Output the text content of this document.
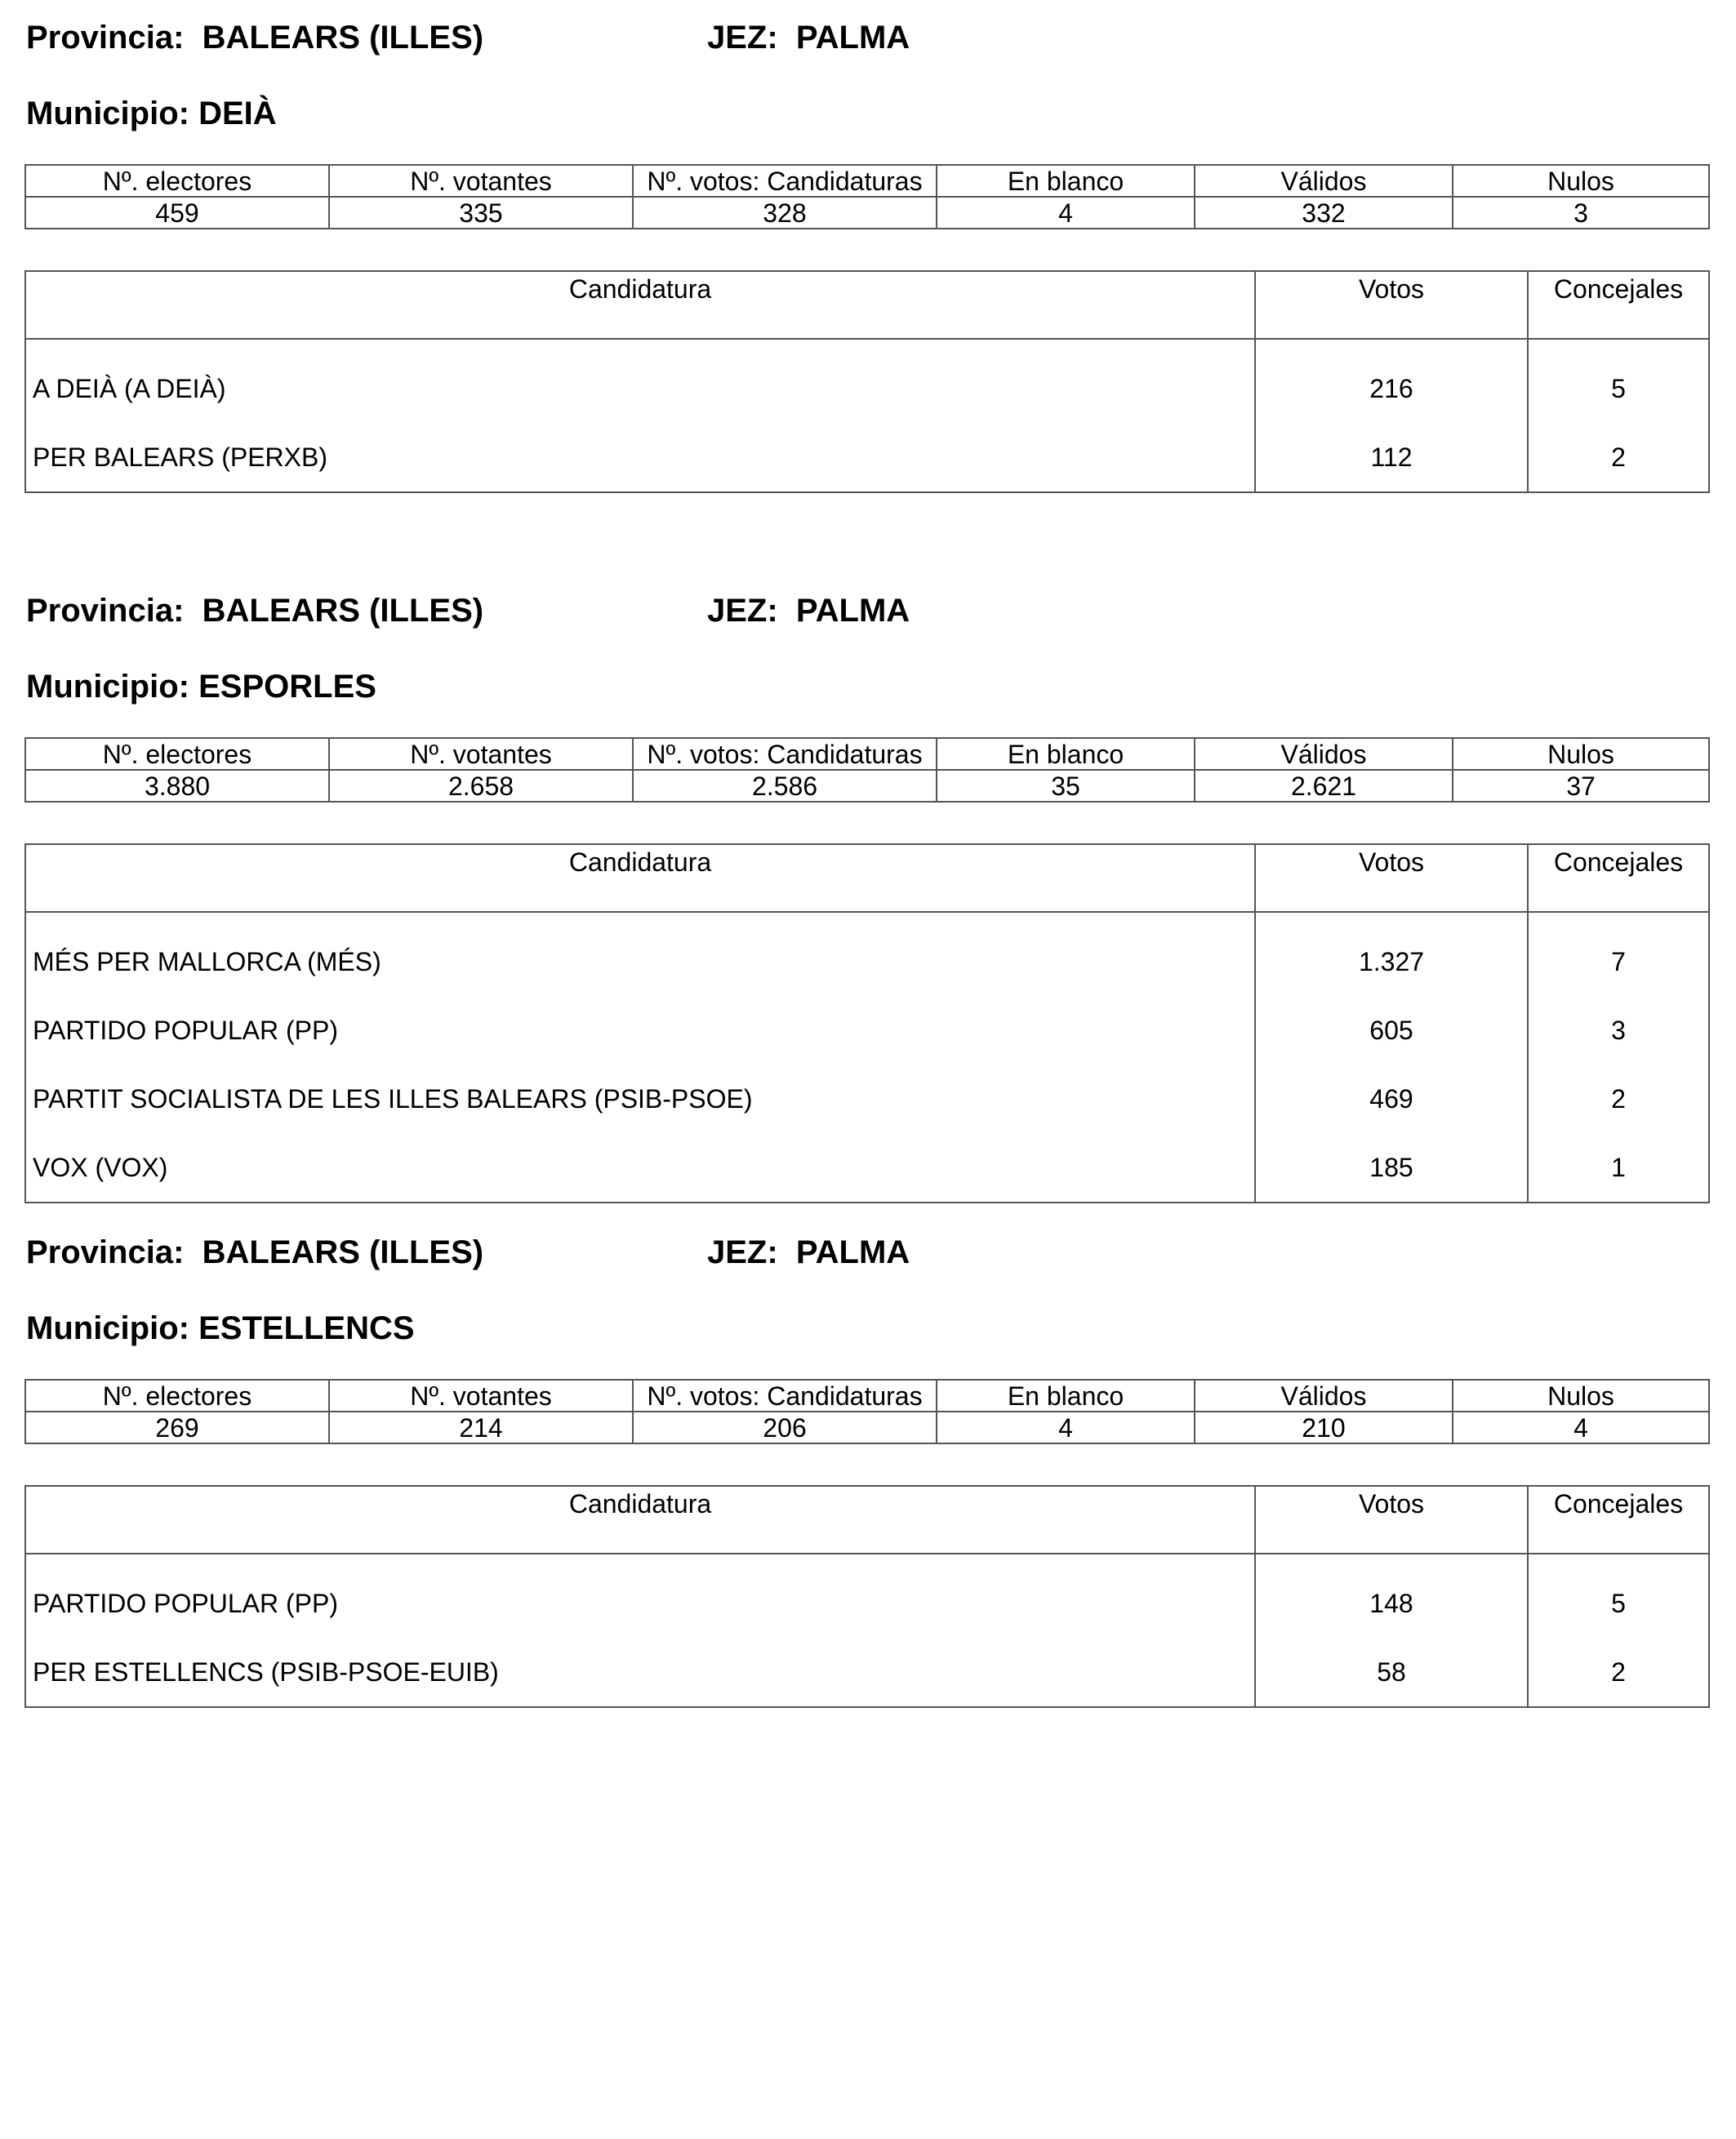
Provincia: BALEARS (ILLES)	JEZ: PALMA
Municipio: DEIÀ
Nº. electores	Nº. votantes	Nº. votos: Candidaturas	En blanco	Válidos	Nulos
459	335	328	4	332	3
Candidatura	Votos	Concejales

A DEIÀ (A DEIÀ)	216	5
PER BALEARS (PERXB)	112	2
Provincia: BALEARS (ILLES)	JEZ: PALMA
Municipio: ESPORLES
Nº. electores	Nº. votantes	Nº. votos: Candidaturas	En blanco	Válidos	Nulos
3.880	2.658	2.586	35	2.621	37
Candidatura	Votos	Concejales

MÉS PER MALLORCA (MÉS)	1.327	7
PARTIDO POPULAR (PP)	605	3
PARTIT SOCIALISTA DE LES ILLES BALEARS (PSIB-PSOE)	469	2
VOX (VOX)	185	1
Provincia: BALEARS (ILLES)	JEZ: PALMA
Municipio: ESTELLENCS
Nº. electores	Nº. votantes	Nº. votos: Candidaturas	En blanco	Válidos	Nulos
269	214	206	4	210	4
Candidatura	Votos	Concejales

PARTIDO POPULAR (PP)	148	5
PER ESTELLENCS (PSIB-PSOE-EUIB)	58	2
